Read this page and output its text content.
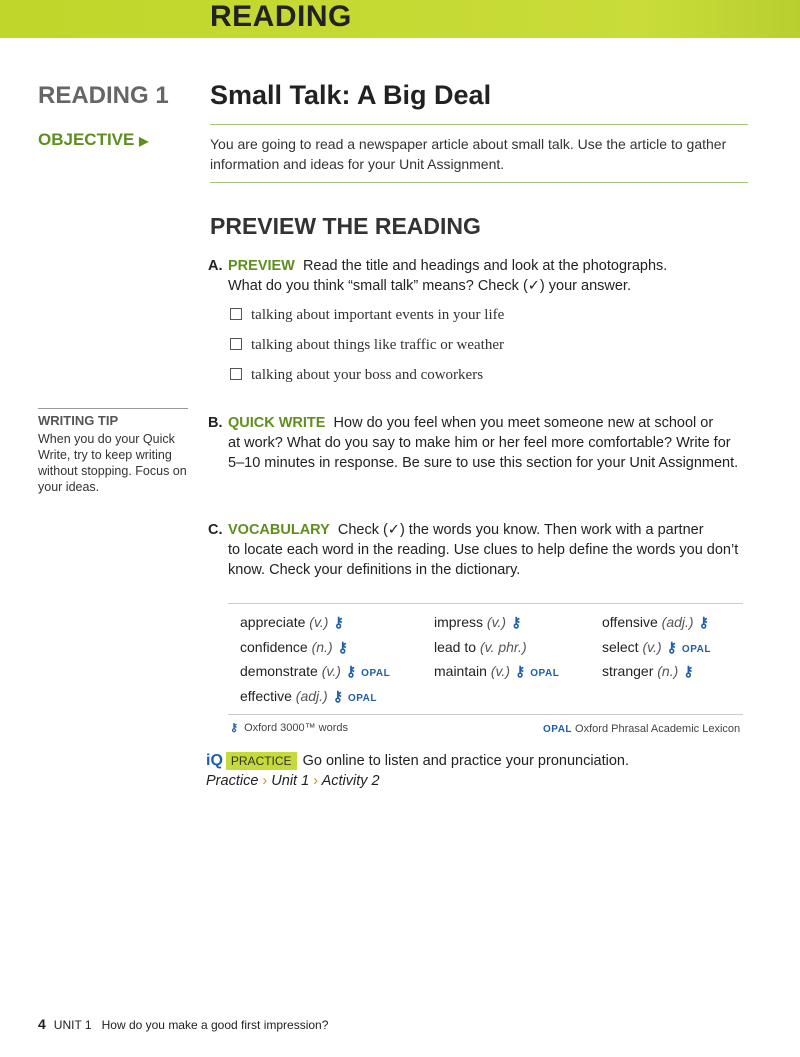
READING
READING 1 Small Talk: A Big Deal
OBJECTIVE ▶	You are going to read a newspaper article about small talk. Use the article to gather information and ideas for your Unit Assignment.
PREVIEW THE READING
A. PREVIEW Read the title and headings and look at the photographs.
What do you think “small talk” means? Check (✓) your answer.
talking about important events in your life
talking about things like traffic or weather
talking about your boss and coworkers
WRITING TIP
When you do your Quick Write, try to keep writing without stopping. Focus on your ideas.
B. QUICK WRITE How do you feel when you meet someone new at school or
at work? What do you say to make him or her feel more comfortable? Write for 5–10 minutes in response. Be sure to use this section for your Unit Assignment.
C. VOCABULARY Check (✓) the words you know. Then work with a partner
to locate each word in the reading. Use clues to help define the words you don’t know. Check your definitions in the dictionary.
appreciate (v.) ⚷
confidence (n.) ⚷
demonstrate (v.) ⚷ OPAL
effective (adj.) ⚷ OPAL
impress (v.) ⚷
lead to (v. phr.)
maintain (v.) ⚷ OPAL
offensive (adj.) ⚷
select (v.) ⚷ OPAL
stranger (n.) ⚷
⚷ Oxford 3000™ words	OPAL Oxford Phrasal Academic Lexicon
iQ PRACTICE Go online to listen and practice your pronunciation.
Practice › Unit 1 › Activity 2
4 UNIT 1 How do you make a good first impression?
